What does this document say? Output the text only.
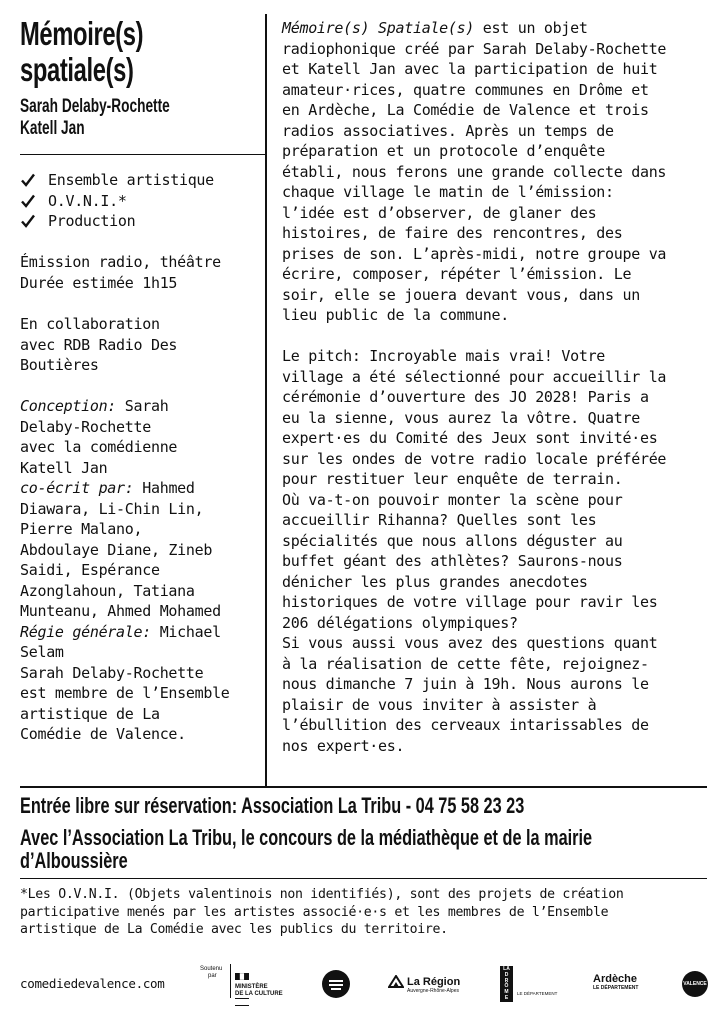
Mémoire(s)
spatiale(s)
Sarah Delaby-Rochette
Katell Jan
Ensemble artistique
O.V.N.I.*
Production
Émission radio, théâtre
Durée estimée 1h15
En collaboration
avec RDB Radio Des
Boutières
Conception: Sarah
Delaby-Rochette
avec la comédienne
Katell Jan
co-écrit par: Hahmed
Diawara, Li-Chin Lin,
Pierre Malano,
Abdoulaye Diane, Zineb
Saidi, Espérance
Azonglahoun, Tatiana
Munteanu, Ahmed Mohamed
Régie générale: Michael
Selam
Sarah Delaby-Rochette
est membre de l’Ensemble
artistique de La
Comédie de Valence.

Mémoire(s) Spatiale(s) est un objet
radiophonique créé par Sarah Delaby-Rochette
et Katell Jan avec la participation de huit
amateur·rices, quatre communes en Drôme et
en Ardèche, La Comédie de Valence et trois
radios associatives. Après un temps de
préparation et un protocole d’enquête
établi, nous ferons une grande collecte dans
chaque village le matin de l’émission:
l’idée est d’observer, de glaner des
histoires, de faire des rencontres, des
prises de son. L’après-midi, notre groupe va
écrire, composer, répéter l’émission. Le
soir, elle se jouera devant vous, dans un
lieu public de la commune.

Le pitch: Incroyable mais vrai! Votre
village a été sélectionné pour accueillir la
cérémonie d’ouverture des JO 2028! Paris a
eu la sienne, vous aurez la vôtre. Quatre
expert·es du Comité des Jeux sont invité·es
sur les ondes de votre radio locale préférée
pour restituer leur enquête de terrain.
Où va-t-on pouvoir monter la scène pour
accueillir Rihanna? Quelles sont les
spécialités que nous allons déguster au
buffet géant des athlètes? Saurons-nous
dénicher les plus grandes anecdotes
historiques de votre village pour ravir les
206 délégations olympiques?
Si vous aussi vous avez des questions quant
à la réalisation de cette fête, rejoignez-
nous dimanche 7 juin à 19h. Nous aurons le
plaisir de vous inviter à assister à
l’ébullition des cerveaux intarissables de
nos expert·es.

Entrée libre sur réservation: Association La Tribu - 04 75 58 23 23
Avec l’Association La Tribu, le concours de la médiathèque et de la mairie
d’Alboussière
*Les O.V.N.I. (Objets valentinois non identifiés), sont des projets de création
participative menés par les artistes associé·e·s et les membres de l’Ensemble
artistique de La Comédie avec les publics du territoire.
comediedevalence.com
Soutenu
par
MINISTÈRE
DE LA CULTURE
La Région
Auvergne-Rhône-Alpes
LA
D
R
Ô
M
E
LE DÉPARTEMENT
Ardèche
LE DÉPARTEMENT
VALENCE
